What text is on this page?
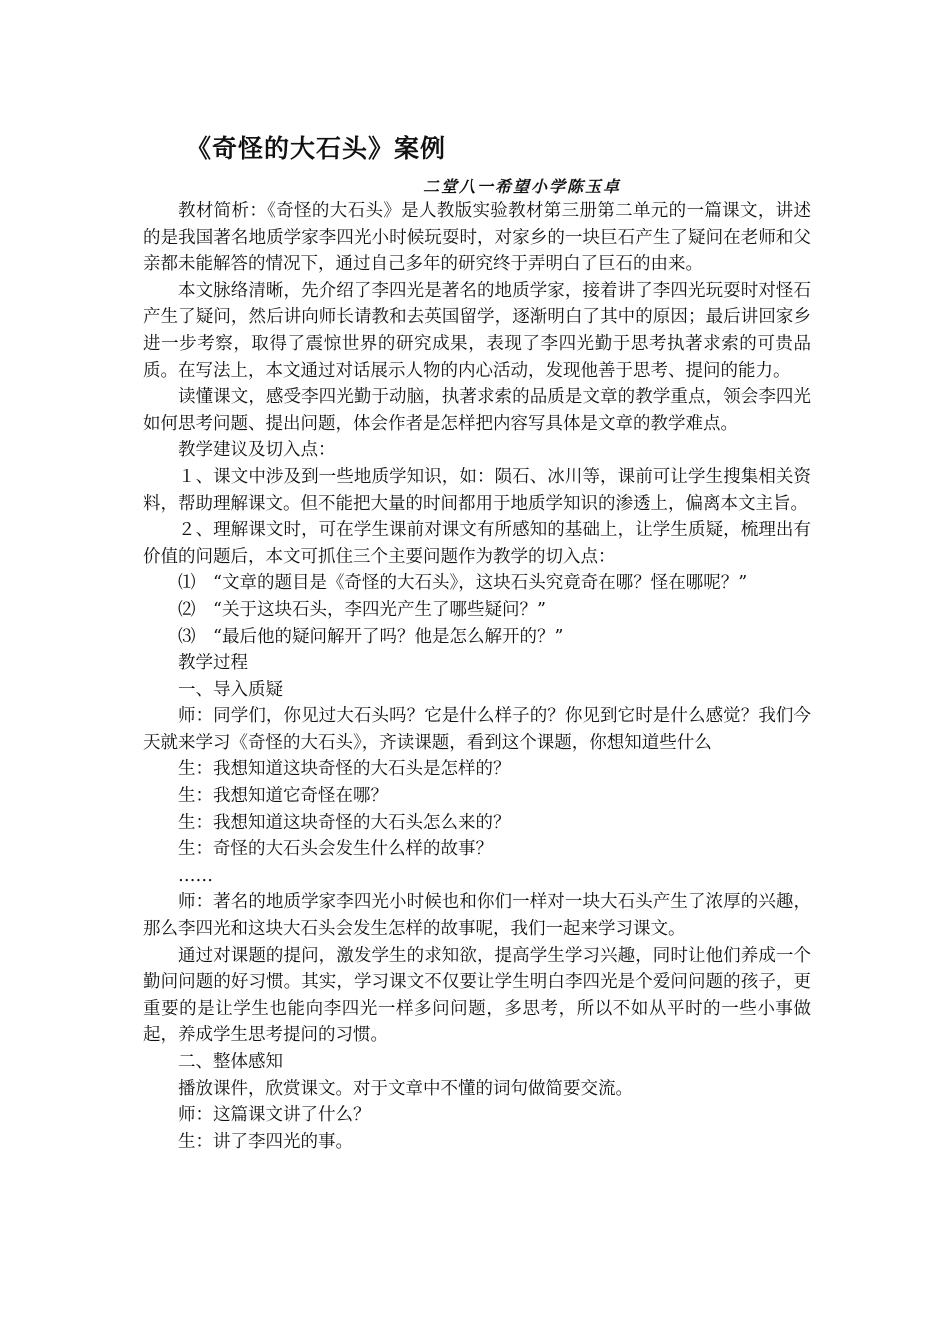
《奇怪的大石头》案例
二堂八一希望小学陈玉卓

教材简析：《奇怪的大石头》是人教版实验教材第三册第二单元的一篇课文，讲述的是我国著名地质学家李四光小时候玩耍时，对家乡的一块巨石产生了疑问在老师和父亲都未能解答的情况下，通过自己多年的研究终于弄明白了巨石的由来。

本文脉络清晰，先介绍了李四光是著名的地质学家，接着讲了李四光玩耍时对怪石产生了疑问，然后讲向师长请教和去英国留学，逐渐明白了其中的原因；最后讲回家乡进一步考察，取得了震惊世界的研究成果，表现了李四光勤于思考执著求索的可贵品质。在写法上，本文通过对话展示人物的内心活动，发现他善于思考、提问的能力。

读懂课文，感受李四光勤于动脑，执著求索的品质是文章的教学重点，领会李四光如何思考问题、提出问题，体会作者是怎样把内容写具体是文章的教学难点。

教学建议及切入点：

１、课文中涉及到一些地质学知识，如：陨石、冰川等，课前可让学生搜集相关资料，帮助理解课文。但不能把大量的时间都用于地质学知识的渗透上，偏离本文主旨。

２、理解课文时，可在学生课前对课文有所感知的基础上，让学生质疑，梳理出有价值的问题后，本文可抓住三个主要问题作为教学的切入点：

⑴　“文章的题目是《奇怪的大石头》，这块石头究竟奇在哪？怪在哪呢？”

⑵　“关于这块石头，李四光产生了哪些疑问？”

⑶　“最后他的疑问解开了吗？他是怎么解开的？”

教学过程

一、导入质疑

师：同学们，你见过大石头吗？它是什么样子的？你见到它时是什么感觉？我们今天就来学习《奇怪的大石头》，齐读课题，看到这个课题，你想知道些什么

生：我想知道这块奇怪的大石头是怎样的？

生：我想知道它奇怪在哪？

生：我想知道这块奇怪的大石头怎么来的？

生：奇怪的大石头会发生什么样的故事？

……

师：著名的地质学家李四光小时候也和你们一样对一块大石头产生了浓厚的兴趣，那么李四光和这块大石头会发生怎样的故事呢，我们一起来学习课文。

通过对课题的提问，激发学生的求知欲，提高学生学习兴趣，同时让他们养成一个勤问问题的好习惯。其实，学习课文不仅要让学生明白李四光是个爱问问题的孩子，更重要的是让学生也能向李四光一样多问问题，多思考，所以不如从平时的一些小事做起，养成学生思考提问的习惯。

二、整体感知

播放课件，欣赏课文。对于文章中不懂的词句做简要交流。

师：这篇课文讲了什么？

生：讲了李四光的事。
